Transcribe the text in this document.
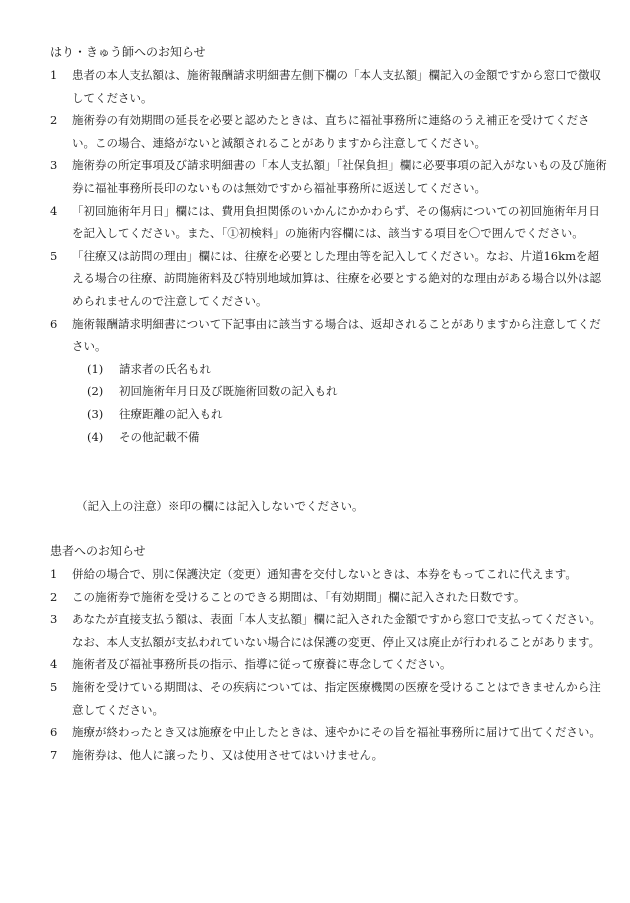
はり・きゅう師へのお知らせ
1 患者の本人支払額は、施術報酬請求明細書左側下欄の「本人支払額」欄記入の金額ですから窓口で徴収してください。
2 施術券の有効期間の延長を必要と認めたときは、直ちに福祉事務所に連絡のうえ補正を受けてください。この場合、連絡がないと減額されることがありますから注意してください。
3 施術券の所定事項及び請求明細書の「本人支払額」「社保負担」欄に必要事項の記入がないもの及び施術券に福祉事務所長印のないものは無効ですから福祉事務所に返送してください。
4 「初回施術年月日」欄には、費用負担関係のいかんにかかわらず、その傷病についての初回施術年月日を記入してください。また、「①初検料」の施術内容欄には、該当する項目を〇で囲んでください。
5 「往療又は訪問の理由」欄には、往療を必要とした理由等を記入してください。なお、片道16kmを超える場合の往療、訪問施術料及び特別地域加算は、往療を必要とする絶対的な理由がある場合以外は認められませんので注意してください。
6 施術報酬請求明細書について下記事由に該当する場合は、返却されることがありますから注意してください。
(1) 請求者の氏名もれ
(2) 初回施術年月日及び既施術回数の記入もれ
(3) 往療距離の記入もれ
(4) その他記載不備
（記入上の注意）※印の欄には記入しないでください。
患者へのお知らせ
1 併給の場合で、別に保護決定（変更）通知書を交付しないときは、本券をもってこれに代えます。
2 この施術券で施術を受けることのできる期間は、「有効期間」欄に記入された日数です。
3 あなたが直接支払う額は、表面「本人支払額」欄に記入された金額ですから窓口で支払ってください。なお、本人支払額が支払われていない場合には保護の変更、停止又は廃止が行われることがあります。
4 施術者及び福祉事務所長の指示、指導に従って療養に専念してください。
5 施術を受けている期間は、その疾病については、指定医療機関の医療を受けることはできませんから注意してください。
6 施療が終わったとき又は施療を中止したときは、速やかにその旨を福祉事務所に届けて出てください。
7 施術券は、他人に譲ったり、又は使用させてはいけません。
